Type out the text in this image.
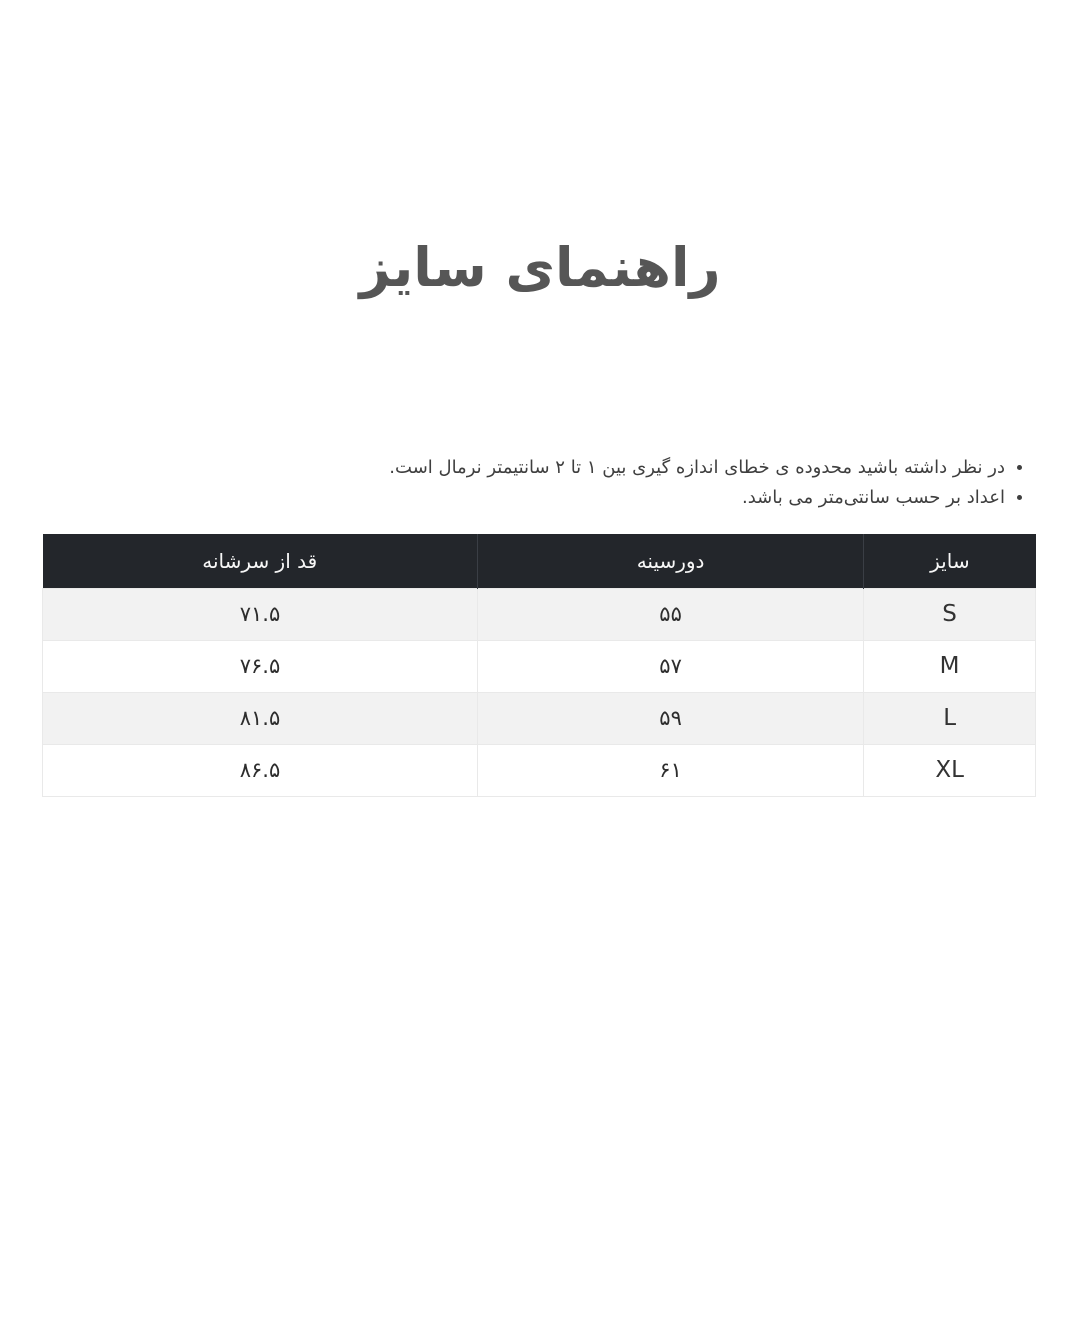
راهنمای سایز
• در نظر داشته باشید محدوده ی خطای اندازه گیری بین ۱ تا ۲ سانتیمتر نرمال است.
• اعداد بر حسب سانتی‌متر می باشد.
سایز	دورسینه	قد از سرشانه
S	۵۵	۷۱.۵
M	۵۷	۷۶.۵
L	۵۹	۸۱.۵
XL	۶۱	۸۶.۵
